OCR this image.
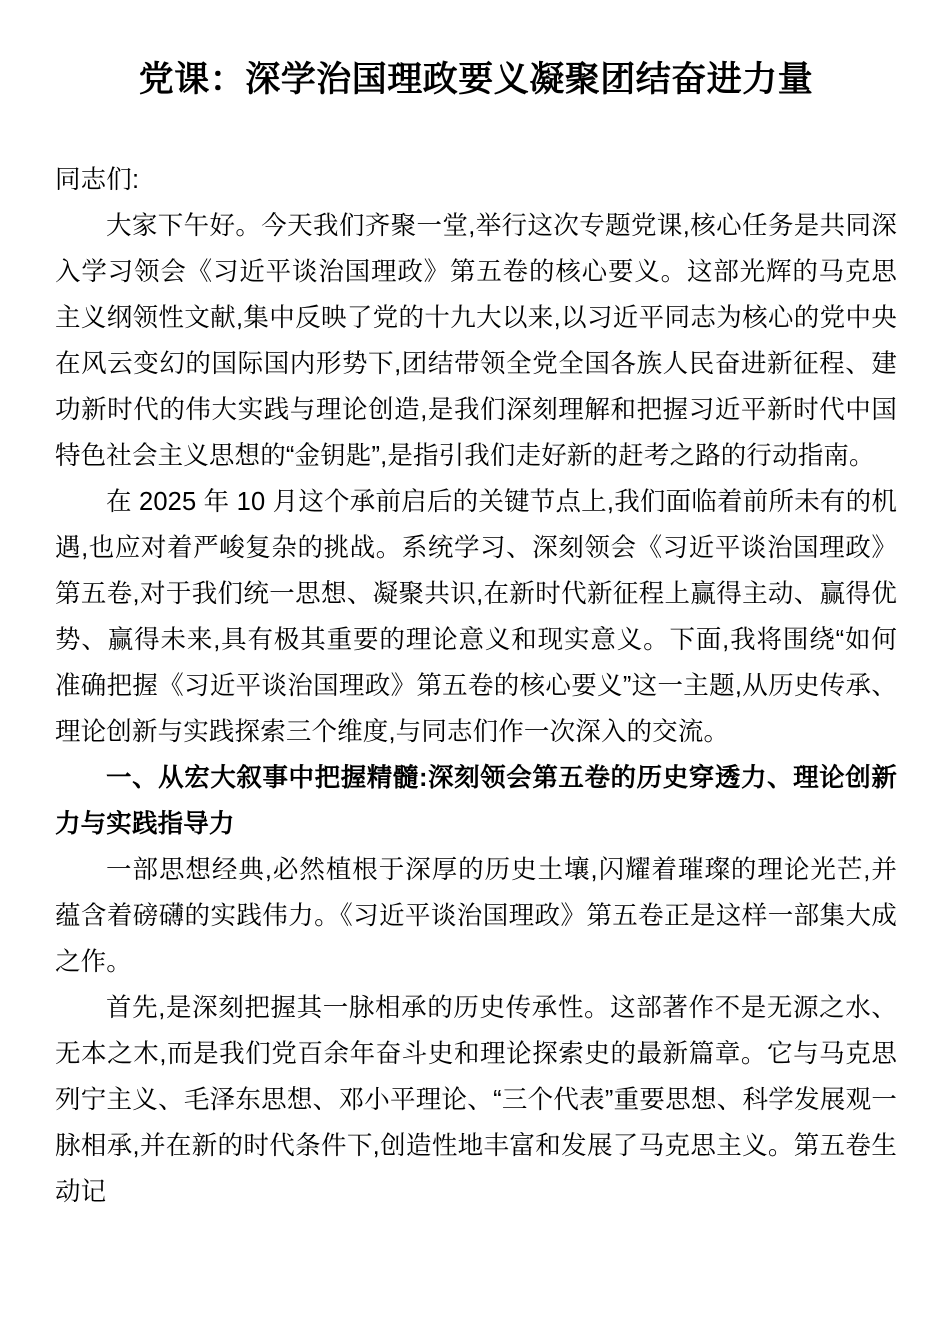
党课：深学治国理政要义凝聚团结奋进力量

同志们:

大家下午好。今天我们齐聚一堂,举行这次专题党课,核心任务是共同深入学习领会《习近平谈治国理政》第五卷的核心要义。这部光辉的马克思主义纲领性文献,集中反映了党的十九大以来,以习近平同志为核心的党中央在风云变幻的国际国内形势下,团结带领全党全国各族人民奋进新征程、建功新时代的伟大实践与理论创造,是我们深刻理解和把握习近平新时代中国特色社会主义思想的“金钥匙”,是指引我们走好新的赶考之路的行动指南。

在 2025 年 10 月这个承前启后的关键节点上,我们面临着前所未有的机遇,也应对着严峻复杂的挑战。系统学习、深刻领会《习近平谈治国理政》第五卷,对于我们统一思想、凝聚共识,在新时代新征程上赢得主动、赢得优势、赢得未来,具有极其重要的理论意义和现实意义。下面,我将围绕“如何准确把握《习近平谈治国理政》第五卷的核心要义”这一主题,从历史传承、理论创新与实践探索三个维度,与同志们作一次深入的交流。

一、从宏大叙事中把握精髓:深刻领会第五卷的历史穿透力、理论创新力与实践指导力

一部思想经典,必然植根于深厚的历史土壤,闪耀着璀璨的理论光芒,并蕴含着磅礴的实践伟力。《习近平谈治国理政》第五卷正是这样一部集大成之作。

首先,是深刻把握其一脉相承的历史传承性。这部著作不是无源之水、无本之木,而是我们党百余年奋斗史和理论探索史的最新篇章。它与马克思列宁主义、毛泽东思想、邓小平理论、“三个代表”重要思想、科学发展观一脉相承,并在新的时代条件下,创造性地丰富和发展了马克思主义。第五卷生动记
